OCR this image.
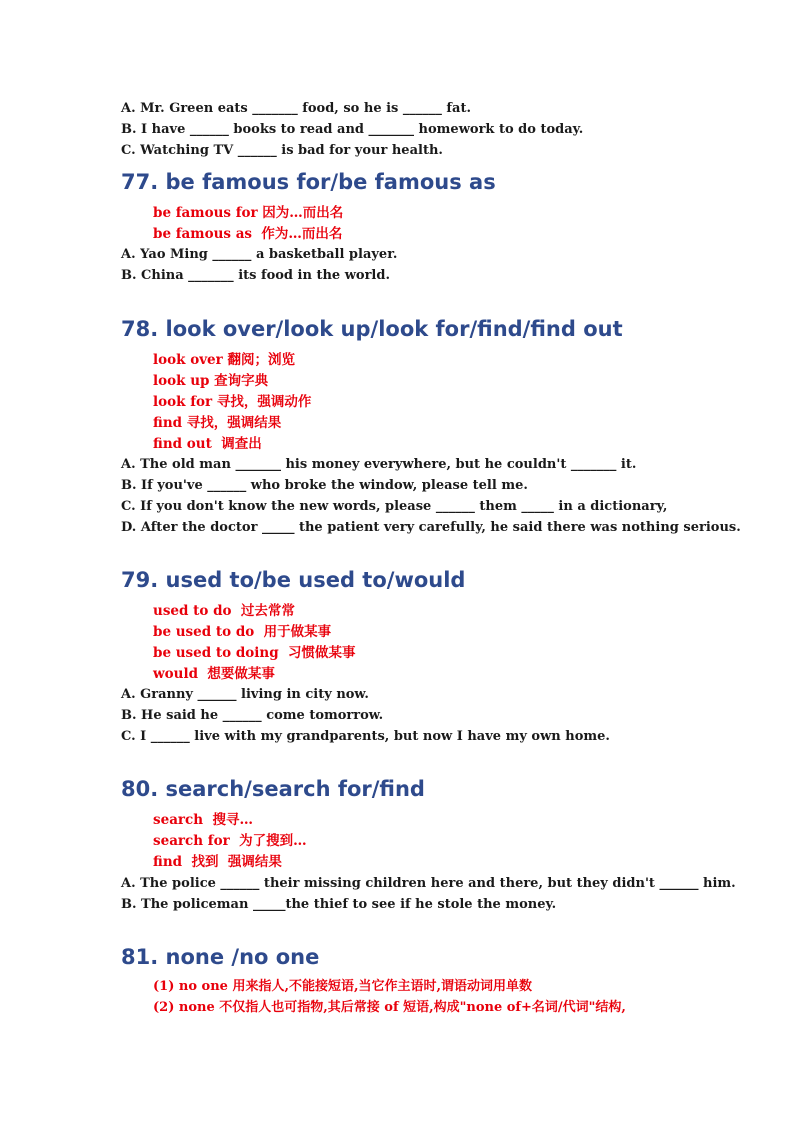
A. Mr. Green eats _______ food, so he is ______ fat.
B. I have ______ books to read and _______ homework to do today.
C. Watching TV ______ is bad for your health.
77. be famous for/be famous as
be famous for 因为…而出名
be famous as  作为…而出名
A. Yao Ming ______ a basketball player.
B. China _______ its food in the world.
78. look over/look up/look for/find/find out
look over 翻阅；浏览
look up 查询字典
look for 寻找，强调动作
find 寻找，强调结果
find out  调查出
A. The old man _______ his money everywhere, but he couldn't _______ it.
B. If you've ______ who broke the window, please tell me.
C. If you don't know the new words, please ______ them _____ in a dictionary,
D. After the doctor _____ the patient very carefully, he said there was nothing serious.
79. used to/be used to/would
used to do  过去常常
be used to do  用于做某事
be used to doing  习惯做某事
would  想要做某事
A. Granny ______ living in city now.
B. He said he ______ come tomorrow.
C. I ______ live with my grandparents, but now I have my own home.
80. search/search for/find
search  搜寻…
search for  为了搜到…
find  找到  强调结果
A. The police ______ their missing children here and there, but they didn't ______ him.
B. The policeman _____the thief to see if he stole the money.
81. none /no one
(1) no one 用来指人,不能接短语,当它作主语时,谓语动词用单数
(2) none 不仅指人也可指物,其后常接 of 短语,构成"none of+名词/代词"结构,
